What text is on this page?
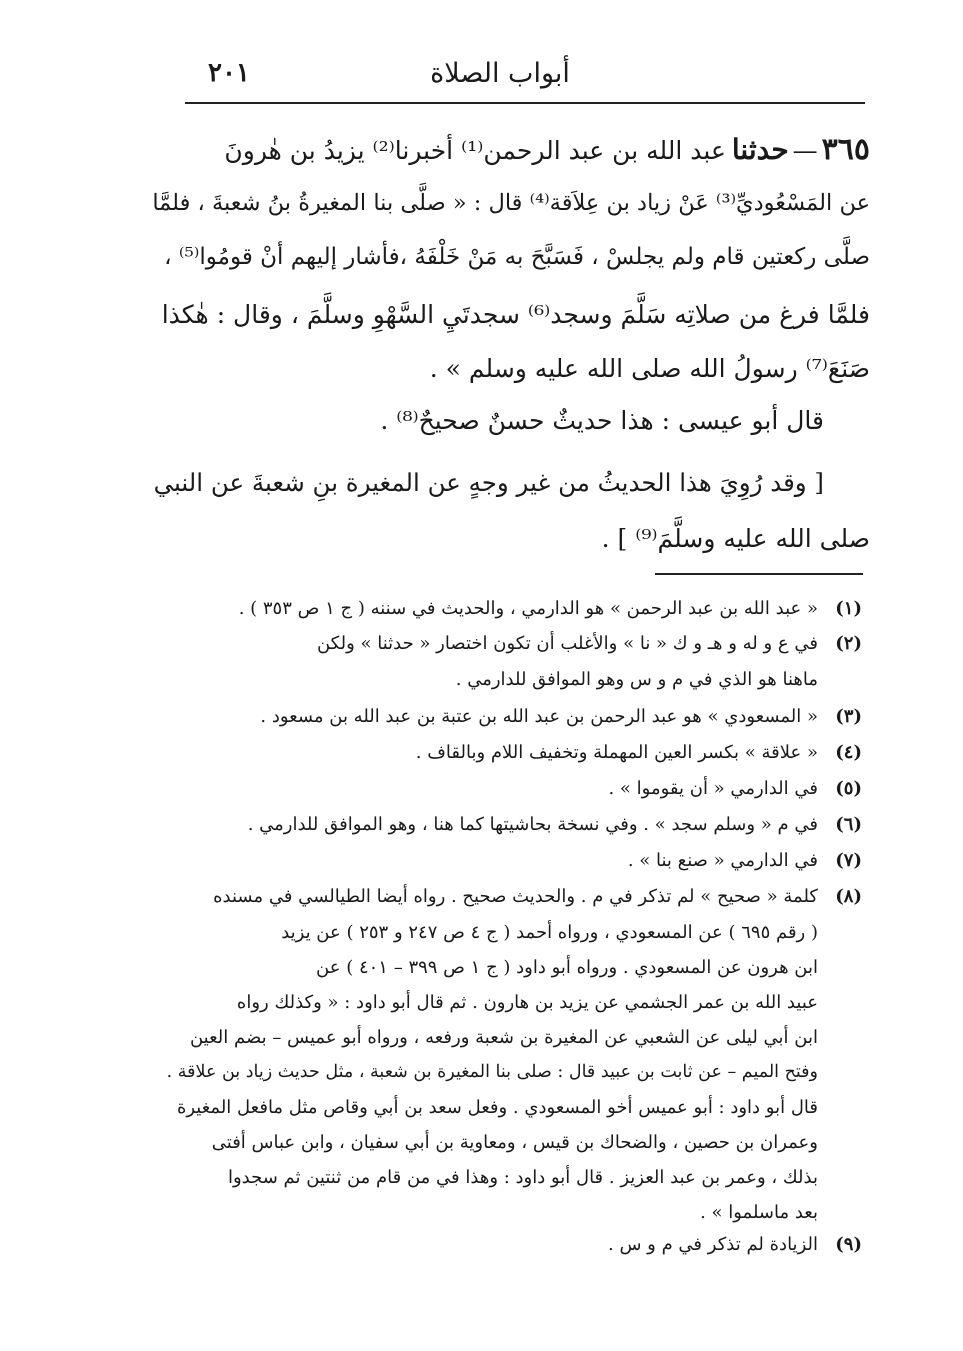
أبواب الصلاة
٢٠١
٣٦٥—حدثناعبد الله بن عبد الرحمن⁽¹⁾ أخبرنا⁽²⁾ يزيدُ بن هٰرونَ
عن المَسْعُوديِّ⁽³⁾ عَنْ زياد بن عِلاَقة⁽⁴⁾ قال : « صلَّى بنا المغيرةُ بنُ شعبةَ ، فلمَّا
صلَّى ركعتين قام ولم يجلسْ ، فَسَبَّحَ به مَنْ خَلْفَهُ ،فأشار إليهم أنْ قومُوا⁽⁵⁾ ،
فلمَّا فرغ من صلاتِه سَلَّمَ وسجد⁽⁶⁾ سجدتَيِ السَّهْوِ وسلَّمَ ، وقال : هٰكذا
صَنَعَ⁽⁷⁾ رسولُ الله صلى الله عليه وسلم » .
قال أبو عيسى : هذا حديثٌ حسنٌ صحيحٌ⁽⁸⁾ .
[ وقد رُوِيَ هذا الحديثُ من غير وجهٍ عن المغيرة بنِ شعبةَ عن النبي
صلى الله عليه وسلَّمَ⁽⁹⁾ ] .
(١)« عبد الله بن عبد الرحمن » هو الدارمي ، والحديث في سننه ( ج ١ ص ٣٥٣ ) .
(٢)في ع و له و هـ و ك « نا » والأغلب أن تكون اختصار « حدثنا » ولكن
ماهنا هو الذي في م و س وهو الموافق للدارمي .
(٣)« المسعودي » هو عبد الرحمن بن عبد الله بن عتبة بن عبد الله بن مسعود .
(٤)« علاقة » بكسر العين المهملة وتخفيف اللام وبالقاف .
(٥)في الدارمي « أن يقوموا » .
(٦)في م « وسلم سجد » . وفي نسخة بحاشيتها كما هنا ، وهو الموافق للدارمي .
(٧)في الدارمي « صنع بنا » .
(٨)كلمة « صحيح » لم تذكر في م . والحديث صحيح . رواه أيضا الطيالسي في مسنده
( رقم ٦٩٥ ) عن المسعودي ، ورواه أحمد ( ج ٤ ص ٢٤٧ و ٢٥٣ ) عن يزيد
ابن هرون عن المسعودي . ورواه أبو داود ( ج ١ ص ٣٩٩ – ٤٠١ ) عن
عبيد الله بن عمر الجشمي عن يزيد بن هارون . ثم قال أبو داود : « وكذلك رواه
ابن أبي ليلى عن الشعبي عن المغيرة بن شعبة ورفعه ، ورواه أبو عميس – بضم العين
وفتح الميم – عن ثابت بن عبيد قال : صلى بنا المغيرة بن شعبة ، مثل حديث زياد بن علاقة .
قال أبو داود : أبو عميس أخو المسعودي . وفعل سعد بن أبي وقاص مثل مافعل المغيرة
وعمران بن حصين ، والضحاك بن قيس ، ومعاوية بن أبي سفيان ، وابن عباس أفتى
بذلك ، وعمر بن عبد العزيز . قال أبو داود : وهذا في من قام من ثنتين ثم سجدوا
بعد ماسلموا » .
(٩)الزيادة لم تذكر في م و س .
